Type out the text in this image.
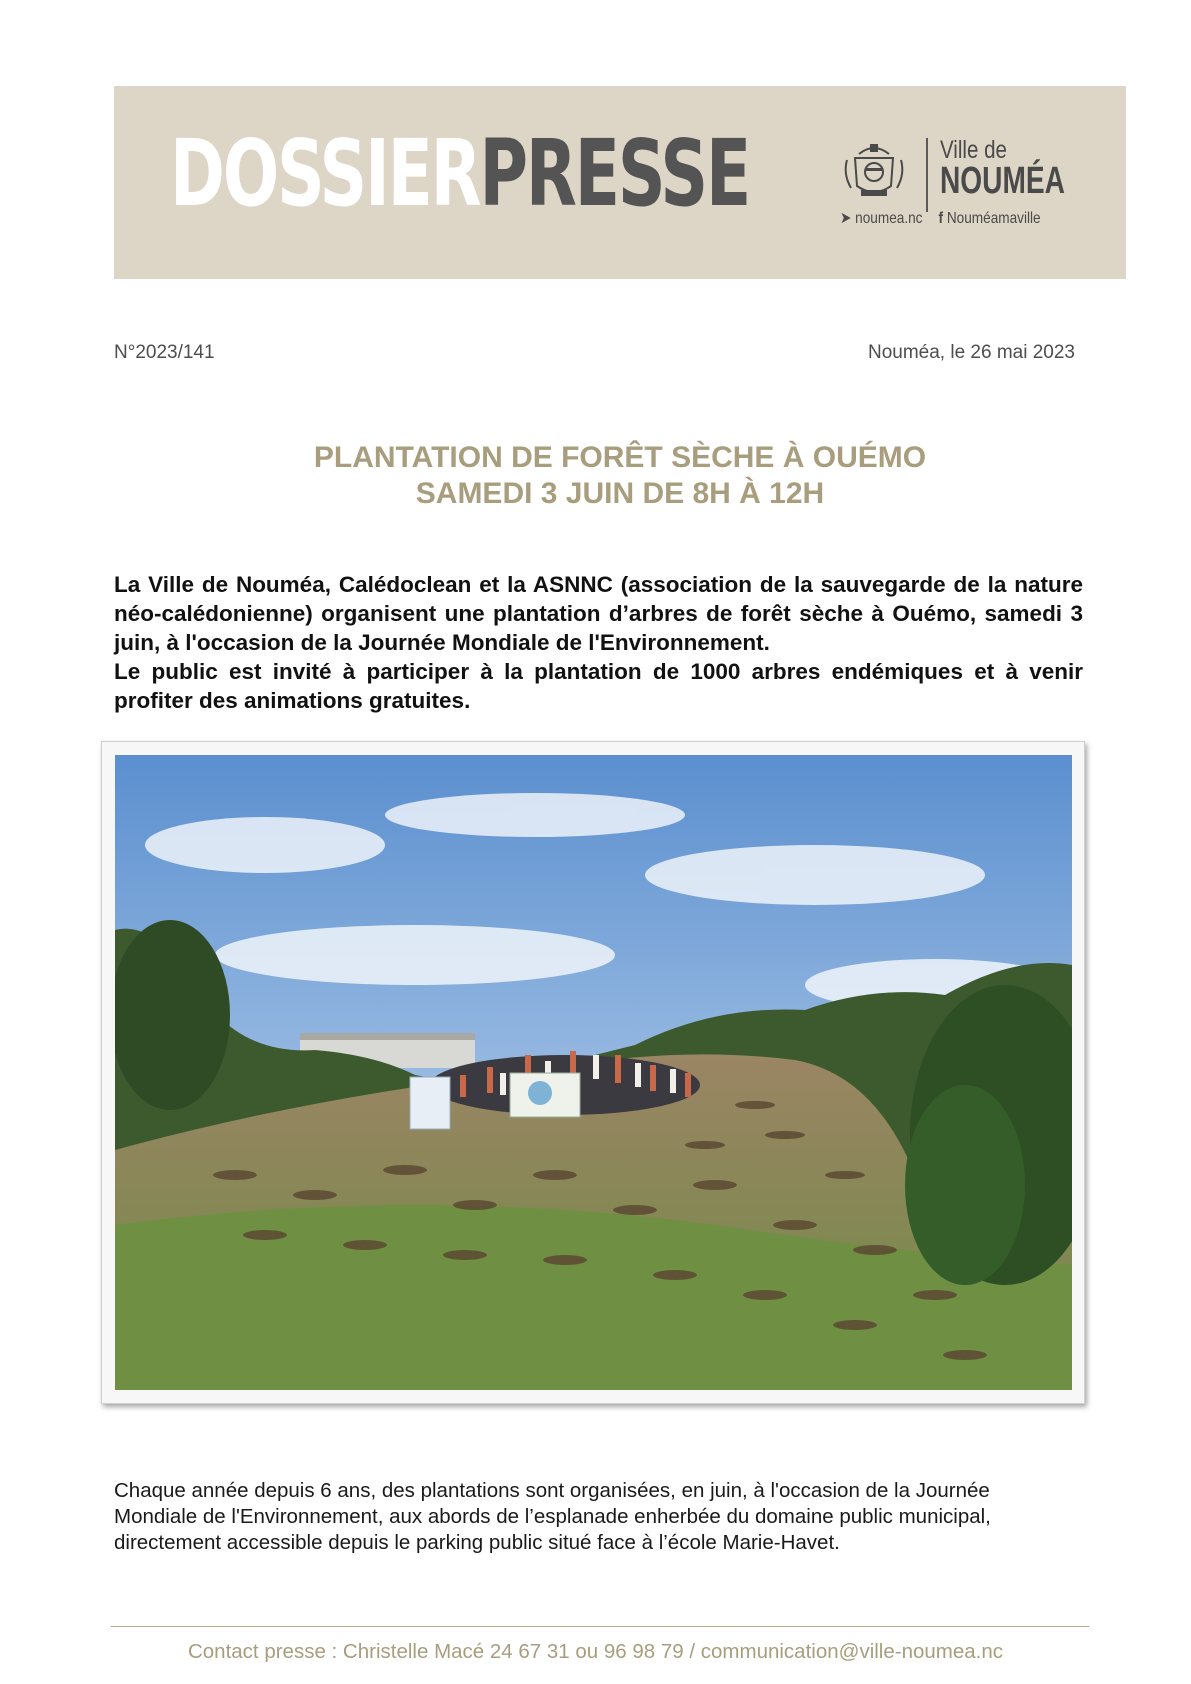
DOSSIERPRESSE	Ville de
NOUMÉA
➤ noumea.nc f Nouméamaville
N°2023/141	Nouméa, le 26 mai 2023
PLANTATION DE FORÊT SÈCHE À OUÉMO
SAMEDI 3 JUIN DE 8H À 12H
La Ville de Nouméa, Calédoclean et la ASNNC (association de la sauvegarde de la nature néo-calédonienne) organisent une plantation d’arbres de forêt sèche à Ouémo, samedi 3 juin, à l'occasion de la Journée Mondiale de l'Environnement.
Le public est invité à participer à la plantation de 1000 arbres endémiques et à venir profiter des animations gratuites.

Chaque année depuis 6 ans, des plantations sont organisées, en juin, à l'occasion de la Journée Mondiale de l'Environnement, aux abords de l’esplanade enherbée du domaine public municipal, directement accessible depuis le parking public situé face à l’école Marie-Havet.

Contact presse : Christelle Macé 24 67 31 ou 96 98 79 / communication@ville-noumea.nc
